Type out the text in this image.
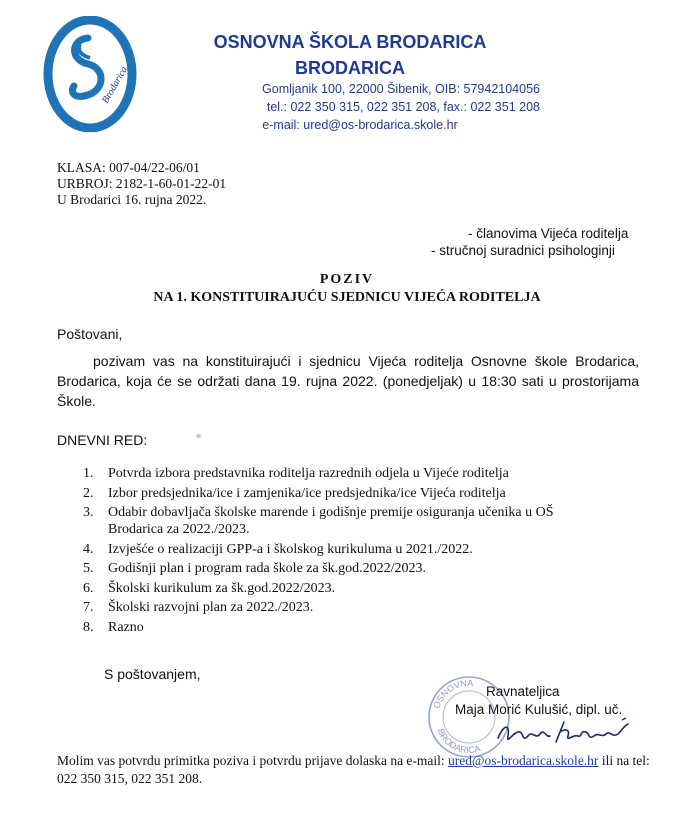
Brodarica
OSNOVNA ŠKOLA BRODARICA
BRODARICA
Gomljanik 100, 22000 Šibenik, OIB: 57942104056
tel.: 022 350 315, 022 351 208, fax.: 022 351 208
e-mail: ured@os-brodarica.skole.hr
KLASA: 007-04/22-06/01
URBROJ: 2182-1-60-01-22-01
U Brodarici 16. rujna 2022.
- članovima Vijeća roditelja
- stručnoj suradnici psihologinji
POZIV
NA 1. KONSTITUIRAJUĆU SJEDNICU VIJEĆA RODITELJA
Poštovani,
pozivam vas na konstituirajući i sjednicu Vijeća roditelja Osnovne škole Brodarica, Brodarica, koja će se održati dana 19. rujna 2022. (ponedjeljak) u 18:30 sati u prostorijama Škole.
DNEVNI RED:
1. Potvrda izbora predstavnika roditelja razrednih odjela u Vijeće roditelja
2. Izbor predsjednika/ice i zamjenika/ice predsjednika/ice Vijeća roditelja
3. Odabir dobavljača školske marende i godišnje premije osiguranja učenika u OŠ Brodarica za 2022./2023.
4. Izvješće o realizaciji GPP-a i školskog kurikuluma u 2021./2022.
5. Godišnji plan i program rada škole za šk.god.2022/2023.
6. Školski kurikulum za šk.god.2022/2023.
7. Školski razvojni plan za 2022./2023.
8. Razno
S poštovanjem,
OSNOVNA
BRODARICA
Ravnateljica
Maja Morić Kulušić, dipl. uč.
Molim vas potvrdu primitka poziva i potvrdu prijave dolaska na e-mail: ured@os-brodarica.skole.hr ili na tel: 022 350 315, 022 351 208.
